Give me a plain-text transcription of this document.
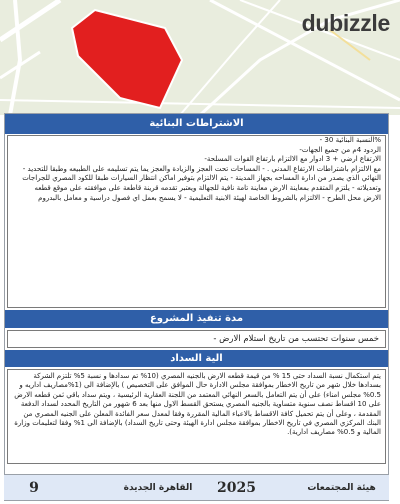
dubizzle
الاشتراطات البنائية

%النسبة البنائية 30 -

الردود 4م من جميع الجهات-

الارتفاع ارضي + 3 ادوار مع الالتزام بارتفاع القوات المسلحة-

مع الالتزام باشتراطات الارتفاع المدني . - المساحات تحت العجز والزيادة والعجز يما يتم تسليمه على الطبيعه وطبقا للتحديد -

النهائي الذي يصدر من ادارة المساحه بجهاز المدينة - يتم الالتزام بتوفير اماكن انتظار السيارات طبقا للكود المصري للجراجات

وتعديلاته - يلتزم المتقدم بمعاينة الارض معاينة تامة نافية للجهالة ويعتبر تقدمه قرينة قاطعة على موافقته على موقع قطعه

الارض محل الطرح - الالتزام بالشروط الخاصة لهيئة الابنية التعليمية - لا يسمح بعمل اي فصول دراسية و معامل بالبدروم

مدة تنفيذ المشروع
خمس سنوات تحتسب من تاريخ استلام الارض -
الية السداد
يتم استكمال نسبة السداد حتى 15 % من قيمة قطعه الارض بالجنيه المصري (10% تم سدادها و نسبة 5% تلتزم الشركة بسدادها خلال شهر من تاريخ الاخطار بموافقة مجلس الادارة حال الموافق على التخصيص ) بالإضافة الى (1%مصاريف اداريه و 0.5% مجلس امناء) على أن يتم التعامل بالسعر النهائي المعتمد من اللجنة العقارية الرئيسية ، ويتم سداد باقي ثمن قطعه الارض على 10 اقساط نصف سنوية متساوية بالجنيه المصري يستحق القسط الاول منها بعد 6 شهور من التاريخ المحدد لسداد الدفعة المقدمة ، وعلى أن يتم تحميل كافة الاقساط بالاعباء المالية المقررة وفقا لمعدل سعر الفائدة المعلن على الجنيه المصري من البنك المركزي المصري في تاريخ الاخطار بموافقة مجلس ادارة الهيئة وحتى تاريخ السداد) بالإضافة الى 1% وفقا لتعليمات وزارة المالية و 0.5% مصاريف ادارية).
9	القاهرة الجديدة	2025	هيئة المجتمعات
